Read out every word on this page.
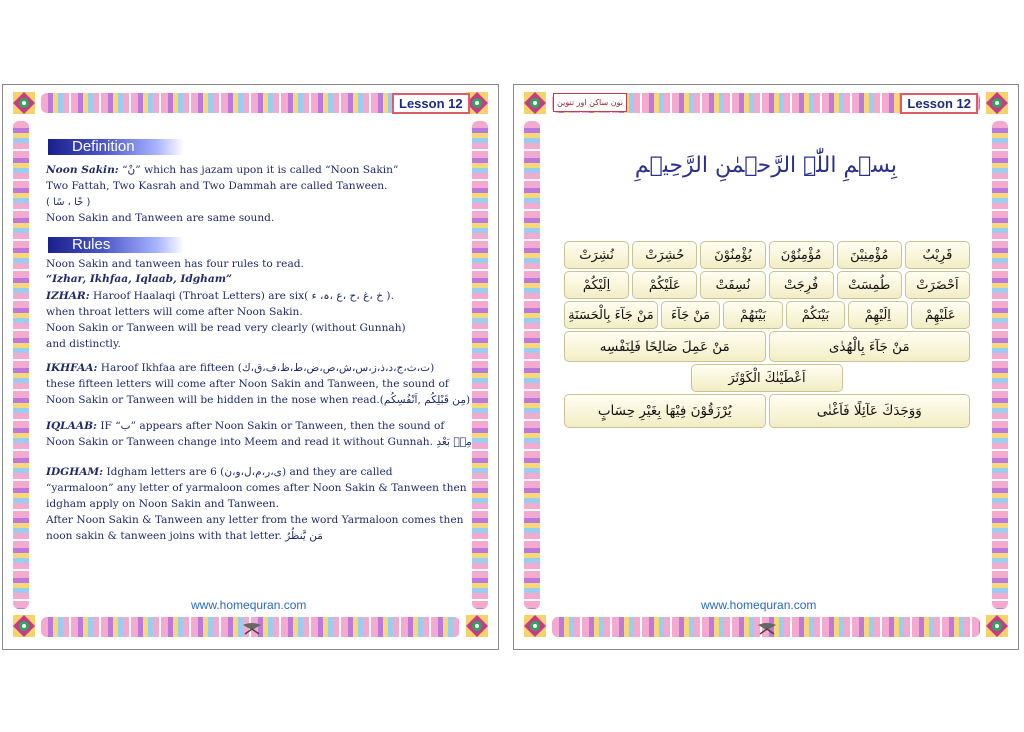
Lesson 12
Definition
Noon Sakin: “نْ” which has jazam upon it is called “Noon Sakin”
Two Fattah, Two Kasrah and Two Dammah are called Tanween.
( خًا ، سًا )
Noon Sakin and Tanween are same sound.
Rules
Noon Sakin and tanween has four rules to read.
“Izhar, Ikhfaa, Iqlaab, Idgham”
IZHAR: Haroof Haalaqi (Throat Letters) are six( خ ،غ ،ح ،ع ،ہ، ء ).
when throat letters will come after Noon Sakin.
Noon Sakin or Tanween will be read very clearly (without Gunnah)
and distinctly.
IKHFAA: Haroof Ikhfaa are fifteen (ت،ث،ج،د،ذ،ز،س،ش،ص،ض،ط،ظ،ف،ق،ك)
these fifteen letters will come after Noon Sakin and Tanween, the sound of
Noon Sakin or Tanween will be hidden in the nose when read.(مِن قَبْلِكُم ,اَنْفُسِكُم)
IQLAAB: IF “ب” appears after Noon Sakin or Tanween, then the sound of
Noon Sakin or Tanween change into Meem and read it without Gunnah. مِنۢ بَعْدِ
IDGHAM: Idgham letters are 6 (ی،ر،م،ل،و،ن) and they are called
“yarmaloon” any letter of yarmaloon comes after Noon Sakin & Tanween then
idgham apply on Noon Sakin and Tanween.
After Noon Sakin & Tanween any letter from the word Yarmaloon comes then
noon sakin & tanween joins with that letter. مَن يَّنظُرُ
www.homequran.com
نون ساکن اور تنوین	Lesson 12
بِسۡمِ اللّٰہِ الرَّحۡمٰنِ الرَّحِیۡمِ
نُشِرَتْ	حُشِرَتْ	يُؤْمِنُوْنَ	مُؤْمِنُوْنَ	مُؤْمِنِيْنَ	قَرِيْبٌ
اِلَيْكُمْ	عَلَيْكُمْ	نُسِفَتْ	فُرِجَتْ	طُمِسَتْ	اَحْضَرَتْ
مَنْ جَآءَ بِالْحَسَنَةِ	مَنْ جَآءَ	بَيْنَهُمْ	بَيْنَكُمْ	اِلَيْهِمْ	عَلَيْهِمْ
مَنْ عَمِلَ صَالِحًا فَلِنَفْسِه	مَنْ جَآءَ بِالْهُدٰى
اَعْطَيْنٰكَ الْكَوْثَرَ
يُرْزَقُوْنَ فِيْهَا بِغَيْرِ حِسَابٍ	وَوَجَدَكَ عَآئِلًا فَاَغْنٰى
www.homequran.com
